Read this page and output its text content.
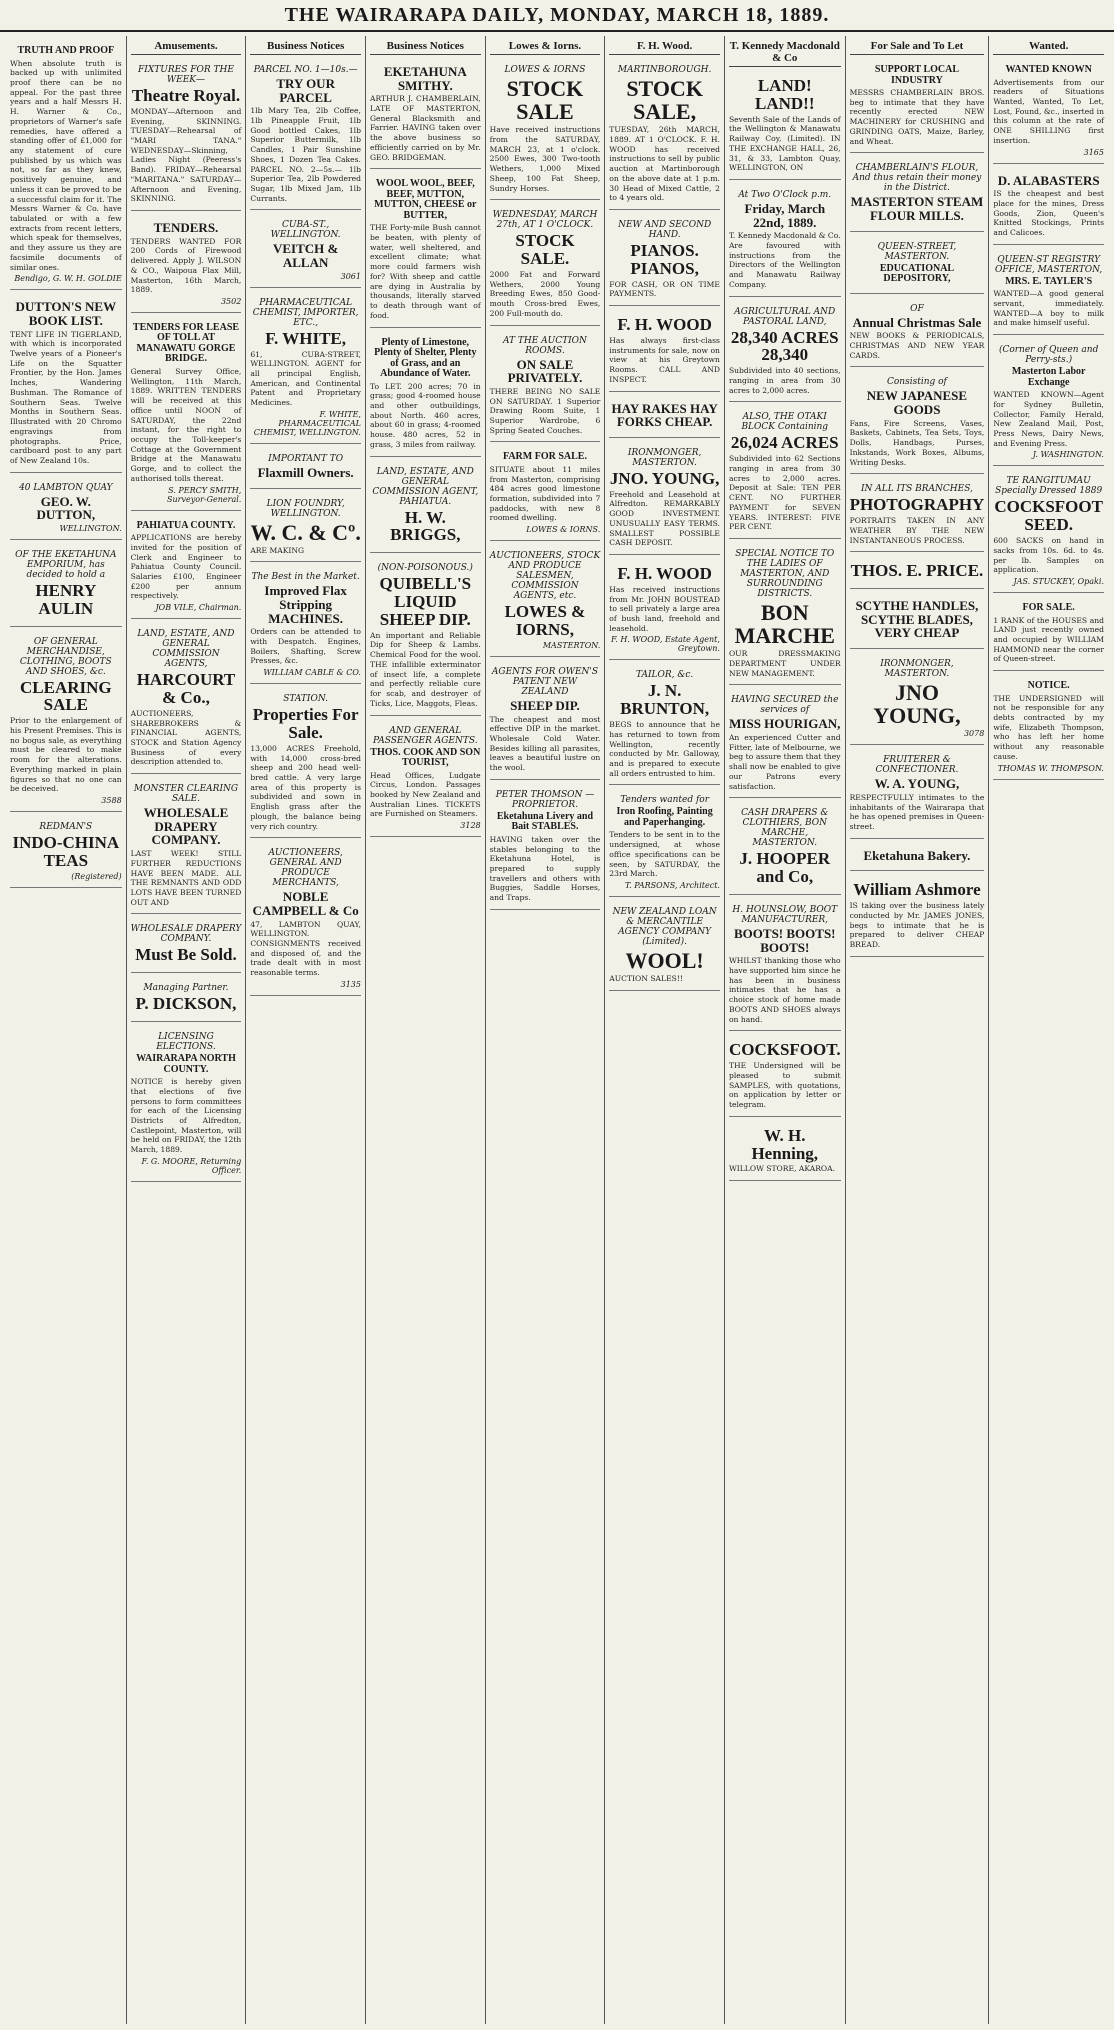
THE WAIRARAPA DAILY, MONDAY, MARCH 18, 1889.
TRUTH AND PROOF
When absolute truth is backed up with unlimited proof there can be no appeal. For the past three years and a half Messrs H. H. Warner & Co., proprietors of Warner's safe remedies, have offered a standing offer of £1,000 for any statement of cure published by us which was not, so far as they knew, positively genuine, and unless it can be proved to be a successful claim for it. The Messrs Warner & Co. have tabulated or with a few extracts from recent letters, which speak for themselves, and they assure us they are facsimile documents of similar ones.
Bendigo, G. W. H. GOLDIE
DUTTON'S NEW BOOK LIST.
TENT LIFE IN TIGERLAND, with which is incorporated Twelve years of a Pioneer's Life on the Squatter Frontier, by the Hon. James Inches, Wandering Bushman. The Romance of Southern Seas. Twelve Months in Southern Seas. Illustrated with 20 Chromo engravings from photographs. Price, cardboard post to any part of New Zealand 10s.
40 LAMBTON QUAY
GEO. W. DUTTON,
WELLINGTON.
OF THE EKETAHUNA EMPORIUM, has decided to hold a
HENRY AULIN
OF GENERAL MERCHANDISE, CLOTHING, BOOTS AND SHOES, &c.
CLEARING SALE
Prior to the enlargement of his Present Premises. This is no bogus sale, as everything must be cleared to make room for the alterations. Everything marked in plain figures so that no one can be deceived.
3588
REDMAN'S
INDO-CHINA TEAS
(Registered)
Amusements.
FIXTURES FOR THE WEEK—
Theatre Royal.
MONDAY—Afternoon and Evening, SKINNING. TUESDAY—Rehearsal of "MARI TANA." WEDNESDAY—Skinning, Ladies Night (Peeress's Band). FRIDAY—Rehearsal "MARITANA." SATURDAY—Afternoon and Evening, SKINNING.
TENDERS.
TENDERS WANTED FOR 200 Cords of Firewood delivered. Apply J. WILSON & CO., Waipoua Flax Mill, Masterton, 16th March, 1889.
3502
TENDERS FOR LEASE OF TOLL AT MANAWATU GORGE BRIDGE.
General Survey Office, Wellington, 11th March, 1889. WRITTEN TENDERS will be received at this office until NOON of SATURDAY, the 22nd instant, for the right to occupy the Toll-keeper's Cottage at the Government Bridge at the Manawatu Gorge, and to collect the authorised tolls thereat.
S. PERCY SMITH, Surveyor-General.
PAHIATUA COUNTY.
APPLICATIONS are hereby invited for the position of Clerk and Engineer to Pahiatua County Council. Salaries £100, Engineer £200 per annum respectively.
JOB VILE, Chairman.
LAND, ESTATE, AND GENERAL COMMISSION AGENTS,
HARCOURT & Co.,
AUCTIONEERS, SHAREBROKERS & FINANCIAL AGENTS, STOCK and Station Agency Business of every description attended to.
MONSTER CLEARING SALE.
WHOLESALE DRAPERY COMPANY.
LAST WEEK! STILL FURTHER REDUCTIONS HAVE BEEN MADE. ALL THE REMNANTS AND ODD LOTS HAVE BEEN TURNED OUT AND
WHOLESALE DRAPERY COMPANY.
Must Be Sold.
Managing Partner.
P. DICKSON,
LICENSING ELECTIONS.
WAIRARAPA NORTH COUNTY.
NOTICE is hereby given that elections of five persons to form committees for each of the Licensing Districts of Alfredton, Castlepoint, Masterton, will be held on FRIDAY, the 12th March, 1889.
F. G. MOORE, Returning Officer.
Business Notices
PARCEL NO. 1—10s.—
TRY OUR PARCEL
1lb Mary Tea, 2lb Coffee, 1lb Pineapple Fruit, 1lb Good bottled Cakes, 1lb Superior Buttermilk, 1lb Candles, 1 Pair Sunshine Shoes, 1 Dozen Tea Cakes. PARCEL NO. 2—5s.— 1lb Superior Tea, 2lb Powdered Sugar, 1lb Mixed Jam, 1lb Currants.
CUBA-ST., WELLINGTON.
VEITCH & ALLAN
3061
PHARMACEUTICAL CHEMIST, IMPORTER, ETC.,
F. WHITE,
61, CUBA-STREET, WELLINGTON. AGENT for all principal English, American, and Continental Patent and Proprietary Medicines.
F. WHITE, PHARMACEUTICAL CHEMIST, WELLINGTON.
IMPORTANT TO
Flaxmill Owners.
LION FOUNDRY, WELLINGTON.
W. C. & Cº.
ARE MAKING
The Best in the Market.
Improved Flax Stripping MACHINES.
Orders can be attended to with Despatch. Engines, Boilers, Shafting, Screw Presses, &c.
WILLIAM CABLE & CO.
STATION.
Properties For Sale.
13,000 ACRES Freehold, with 14,000 cross-bred sheep and 200 head well-bred cattle. A very large area of this property is subdivided and sown in English grass after the plough, the balance being very rich country.
AUCTIONEERS, GENERAL AND PRODUCE MERCHANTS,
NOBLE CAMPBELL & Co
47, LAMBTON QUAY, WELLINGTON. CONSIGNMENTS received and disposed of, and the trade dealt with in most reasonable terms.
3135
Business Notices
EKETAHUNA SMITHY.
ARTHUR J. CHAMBERLAIN, LATE OF MASTERTON, General Blacksmith and Farrier. HAVING taken over the above business so efficiently carried on by Mr. GEO. BRIDGEMAN.
WOOL WOOL, BEEF, BEEF, MUTTON, MUTTON, CHEESE or BUTTER,
THE Forty-mile Bush cannot be beaten, with plenty of water, well sheltered, and excellent climate; what more could farmers wish for? With sheep and cattle are dying in Australia by thousands, literally starved to death through want of food.
Plenty of Limestone, Plenty of Shelter, Plenty of Grass, and an Abundance of Water.
To LET. 200 acres; 70 in grass; good 4-roomed house and other outbuildings, about North. 460 acres, about 60 in grass; 4-roomed house. 480 acres, 52 in grass, 3 miles from railway.
LAND, ESTATE, AND GENERAL COMMISSION AGENT, PAHIATUA.
H. W. BRIGGS,
(NON-POISONOUS.)
QUIBELL'S LIQUID SHEEP DIP.
An important and Reliable Dip for Sheep & Lambs. Chemical Food for the wool. THE infallible exterminator of insect life, a complete and perfectly reliable cure for scab, and destroyer of Ticks, Lice, Maggots, Fleas.
AND GENERAL PASSENGER AGENTS.
THOS. COOK AND SON TOURIST,
Head Offices, Ludgate Circus, London. Passages booked by New Zealand and Australian Lines. TICKETS are Furnished on Steamers.
3128
Lowes & Iorns.
LOWES & IORNS
STOCK SALE
Have received instructions from the SATURDAY, MARCH 23, at 1 o'clock. 2500 Ewes, 300 Two-tooth Wethers, 1,000 Mixed Sheep, 100 Fat Sheep, Sundry Horses.
WEDNESDAY, MARCH 27th, AT 1 O'CLOCK.
STOCK SALE.
2000 Fat and Forward Wethers, 2000 Young Breeding Ewes, 850 Good-mouth Cross-bred Ewes, 200 Full-mouth do.
AT THE AUCTION ROOMS.
ON SALE PRIVATELY.
THERE BEING NO SALE ON SATURDAY. 1 Superior Drawing Room Suite, 1 Superior Wardrobe, 6 Spring Seated Couches.
FARM FOR SALE.
SITUATE about 11 miles from Masterton, comprising 484 acres good limestone formation, subdivided into 7 paddocks, with new 8 roomed dwelling.
LOWES & IORNS.
AUCTIONEERS, STOCK AND PRODUCE SALESMEN, COMMISSION AGENTS, etc.
LOWES & IORNS,
MASTERTON.
AGENTS FOR OWEN'S PATENT NEW ZEALAND
SHEEP DIP.
The cheapest and most effective DIP in the market. Wholesale Cold Water. Besides killing all parasites, leaves a beautiful lustre on the wool.
PETER THOMSON — PROPRIETOR.
Eketahuna Livery and Bait STABLES.
HAVING taken over the stables belonging to the Eketahuna Hotel, is prepared to supply travellers and others with Buggies, Saddle Horses, and Traps.
F. H. Wood.
MARTINBOROUGH.
STOCK SALE,
TUESDAY, 26th MARCH, 1889. AT 1 O'CLOCK. F. H. WOOD has received instructions to sell by public auction at Martinborough on the above date at 1 p.m. 30 Head of Mixed Cattle, 2 to 4 years old.
NEW AND SECOND HAND.
PIANOS. PIANOS,
FOR CASH, OR ON TIME PAYMENTS.
F. H. WOOD
Has always first-class instruments for sale, now on view at his Greytown Rooms. CALL AND INSPECT.
HAY RAKES HAY FORKS CHEAP.
IRONMONGER, MASTERTON.
JNO. YOUNG,
Freehold and Leasehold at Alfredton. REMARKABLY GOOD INVESTMENT. UNUSUALLY EASY TERMS. SMALLEST POSSIBLE CASH DEPOSIT.
F. H. WOOD
Has received instructions from Mr. JOHN BOUSTEAD to sell privately a large area of bush land, freehold and leasehold.
F. H. WOOD, Estate Agent, Greytown.
TAILOR, &c.
J. N. BRUNTON,
BEGS to announce that he has returned to town from Wellington, recently conducted by Mr. Galloway, and is prepared to execute all orders entrusted to him.
Tenders wanted for
Iron Roofing, Painting and Paperhanging.
Tenders to be sent in to the undersigned, at whose office specifications can be seen, by SATURDAY, the 23rd March.
T. PARSONS, Architect.
NEW ZEALAND LOAN & MERCANTILE AGENCY COMPANY (Limited).
WOOL!
AUCTION SALES!!
T. Kennedy Macdonald & Co
LAND! LAND!!
Seventh Sale of the Lands of the Wellington & Manawatu Railway Coy, (Limited). IN THE EXCHANGE HALL, 26, 31, & 33, Lambton Quay, WELLINGTON, ON
At Two O'Clock p.m.
Friday, March 22nd, 1889.
T. Kennedy Macdonald & Co. Are favoured with instructions from the Directors of the Wellington and Manawatu Railway Company.
AGRICULTURAL AND PASTORAL LAND,
28,340 ACRES 28,340
Subdivided into 40 sections, ranging in area from 30 acres to 2,000 acres.
ALSO, THE OTAKI BLOCK Containing
26,024 ACRES
Subdivided into 62 Sections ranging in area from 30 acres to 2,000 acres. Deposit at Sale: TEN PER CENT. NO FURTHER PAYMENT for SEVEN YEARS. INTEREST: FIVE PER CENT.
SPECIAL NOTICE TO THE LADIES OF MASTERTON, AND SURROUNDING DISTRICTS.
BON MARCHE
OUR DRESSMAKING DEPARTMENT UNDER NEW MANAGEMENT.
HAVING SECURED the services of
MISS HOURIGAN,
An experienced Cutter and Fitter, late of Melbourne, we beg to assure them that they shall now be enabled to give our Patrons every satisfaction.
CASH DRAPERS & CLOTHIERS, BON MARCHE, MASTERTON.
J. HOOPER and Co,
H. HOUNSLOW, BOOT MANUFACTURER,
BOOTS! BOOTS! BOOTS!
WHILST thanking those who have supported him since he has been in business intimates that he has a choice stock of home made BOOTS AND SHOES always on hand.
COCKSFOOT.
THE Undersigned will be pleased to submit SAMPLES, with quotations, on application by letter or telegram.
W. H. Henning,
WILLOW STORE, AKAROA.
For Sale and To Let
SUPPORT LOCAL INDUSTRY
MESSRS CHAMBERLAIN BROS. beg to intimate that they have recently erected NEW MACHINERY for CRUSHING and GRINDING OATS, Maize, Barley, and Wheat.
CHAMBERLAIN'S FLOUR, And thus retain their money in the District.
MASTERTON STEAM FLOUR MILLS.
QUEEN-STREET, MASTERTON.
EDUCATIONAL DEPOSITORY,
OF
Annual Christmas Sale
NEW BOOKS & PERIODICALS, CHRISTMAS AND NEW YEAR CARDS.
Consisting of
NEW JAPANESE GOODS
Fans, Fire Screens, Vases, Baskets, Cabinets, Tea Sets, Toys, Dolls, Handbags, Purses, Inkstands, Work Boxes, Albums, Writing Desks.
IN ALL ITS BRANCHES,
PHOTOGRAPHY
PORTRAITS TAKEN IN ANY WEATHER BY THE NEW INSTANTANEOUS PROCESS.
THOS. E. PRICE.
SCYTHE HANDLES, SCYTHE BLADES, VERY CHEAP
IRONMONGER, MASTERTON.
JNO YOUNG,
3078
FRUITERER & CONFECTIONER.
W. A. YOUNG,
RESPECTFULLY intimates to the inhabitants of the Wairarapa that he has opened premises in Queen-street.
Eketahuna Bakery.
William Ashmore
IS taking over the business lately conducted by Mr. JAMES JONES, begs to intimate that he is prepared to deliver CHEAP BREAD.
Wanted.
WANTED KNOWN
Advertisements from our readers of Situations Wanted, Wanted, To Let, Lost, Found, &c., inserted in this column at the rate of ONE SHILLING first insertion.
3165
D. ALABASTERS
IS the cheapest and best place for the mines, Dress Goods, Zion, Queen's Knitted Stockings, Prints and Calicoes.
QUEEN-ST REGISTRY OFFICE, MASTERTON,
MRS. E. TAYLER'S
WANTED—A good general servant, immediately. WANTED—A boy to milk and make himself useful.
(Corner of Queen and Perry-sts.)
Masterton Labor Exchange
WANTED KNOWN—Agent for Sydney Bulletin, Collector, Family Herald, New Zealand Mail, Post, Press News, Dairy News, and Evening Press.
J. WASHINGTON.
TE RANGITUMAU Specially Dressed 1889
COCKSFOOT SEED.
600 SACKS on hand in sacks from 10s. 6d. to 4s. per lb. Samples on application.
JAS. STUCKEY, Opaki.
FOR SALE.
1 RANK of the HOUSES and LAND just recently owned and occupied by WILLIAM HAMMOND near the corner of Queen-street.
NOTICE.
THE UNDERSIGNED will not be responsible for any debts contracted by my wife, Elizabeth Thompson, who has left her home without any reasonable cause.
THOMAS W. THOMPSON.
